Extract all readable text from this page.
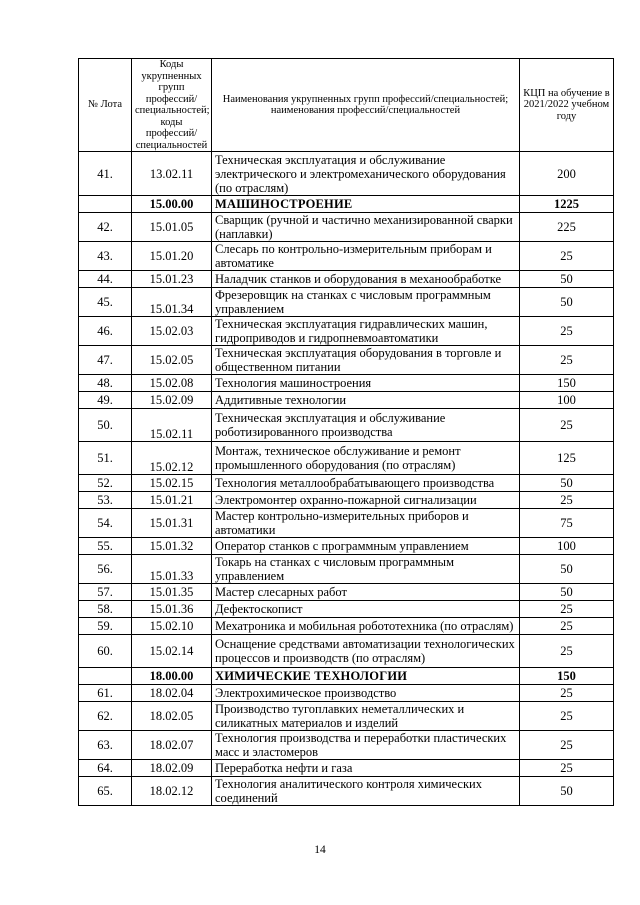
№ Лота	Коды укрупненных групп профессий/ специальностей; коды профессий/ специальностей	Наименования укрупненных групп профессий/специальностей; наименования профессий/специальностей	КЦП на обучение в 2021/2022 учебном году
41.	13.02.11	Техническая эксплуатация и обслуживание электрического и электромеханического оборудования (по отраслям)	200
	15.00.00	МАШИНОСТРОЕНИЕ	1225
42.	15.01.05	Сварщик (ручной и частично механизированной сварки (наплавки)	225
43.	15.01.20	Слесарь по контрольно-измерительным приборам и автоматике	25
44.	15.01.23	Наладчик станков и оборудования в механообработке	50
45.	15.01.34	Фрезеровщик на станках с числовым программным управлением	50
46.	15.02.03	Техническая эксплуатация гидравлических машин, гидроприводов и гидропневмоавтоматики	25
47.	15.02.05	Техническая эксплуатация оборудования в торговле и общественном питании	25
48.	15.02.08	Технология машиностроения	150
49.	15.02.09	Аддитивные технологии	100
50.	15.02.11	Техническая эксплуатация и обслуживание роботизированного производства	25
51.	15.02.12	Монтаж, техническое обслуживание и ремонт промышленного оборудования (по отраслям)	125
52.	15.02.15	Технология металлообрабатывающего производства	50
53.	15.01.21	Электромонтер охранно-пожарной сигнализации	25
54.	15.01.31	Мастер контрольно-измерительных приборов и автоматики	75
55.	15.01.32	Оператор станков с программным управлением	100
56.	15.01.33	Токарь на станках с числовым программным управлением	50
57.	15.01.35	Мастер слесарных работ	50
58.	15.01.36	Дефектоскопист	25
59.	15.02.10	Мехатроника и мобильная робототехника (по отраслям)	25
60.	15.02.14	Оснащение средствами автоматизации технологических процессов и производств (по отраслям)	25
	18.00.00	ХИМИЧЕСКИЕ ТЕХНОЛОГИИ	150
61.	18.02.04	Электрохимическое производство	25
62.	18.02.05	Производство тугоплавких неметаллических и силикатных материалов и изделий	25
63.	18.02.07	Технология производства и переработки пластических масс и эластомеров	25
64.	18.02.09	Переработка нефти и газа	25
65.	18.02.12	Технология аналитического контроля химических соединений	50
14
